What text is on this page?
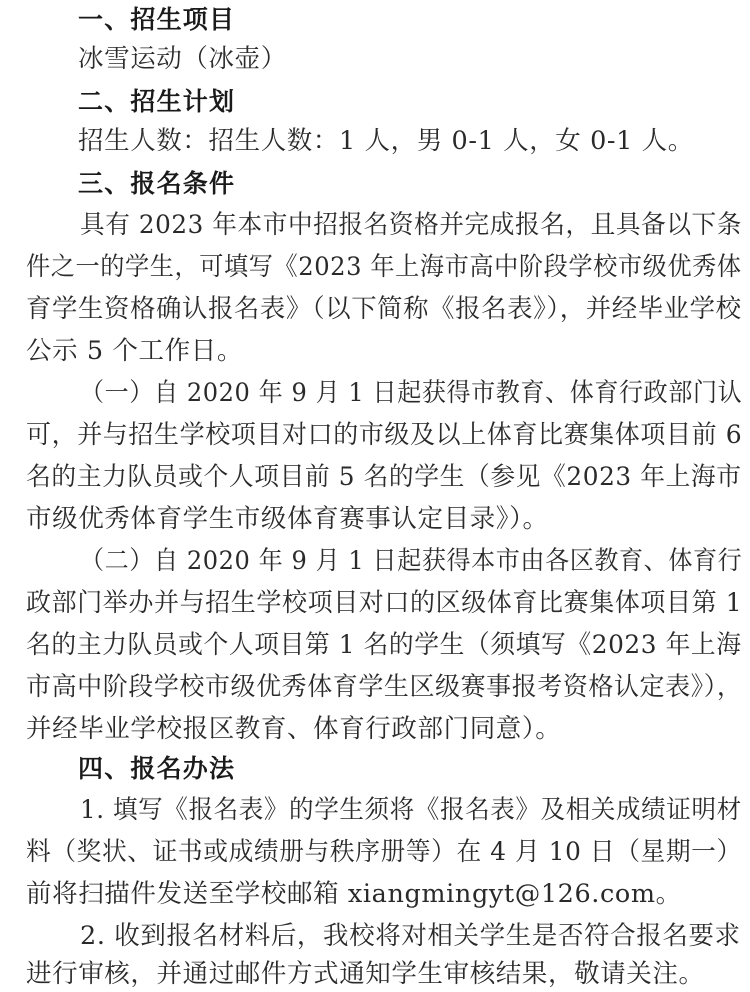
一、招生项目
冰雪运动（冰壶）
二、招生计划
招生人数：招生人数：1 人，男 0-1 人，女 0-1 人。
三、报名条件
具有 2023 年本市中招报名资格并完成报名，且具备以下条
件之一的学生，可填写《2023 年上海市高中阶段学校市级优秀体
育学生资格确认报名表》（以下简称《报名表》），并经毕业学校
公示 5 个工作日。
（一）自 2020 年 9 月 1 日起获得市教育、体育行政部门认
可，并与招生学校项目对口的市级及以上体育比赛集体项目前 6
名的主力队员或个人项目前 5 名的学生（参见《2023 年上海市
市级优秀体育学生市级体育赛事认定目录》）。
（二）自 2020 年 9 月 1 日起获得本市由各区教育、体育行
政部门举办并与招生学校项目对口的区级体育比赛集体项目第 1
名的主力队员或个人项目第 1 名的学生（须填写《2023 年上海
市高中阶段学校市级优秀体育学生区级赛事报考资格认定表》），
并经毕业学校报区教育、体育行政部门同意）。
四、报名办法
1. 填写《报名表》的学生须将《报名表》及相关成绩证明材
料（奖状、证书或成绩册与秩序册等）在 4 月 10 日（星期一）
前将扫描件发送至学校邮箱 xiangmingyt@126.com。
2. 收到报名材料后，我校将对相关学生是否符合报名要求
进行审核，并通过邮件方式通知学生审核结果，敬请关注。
